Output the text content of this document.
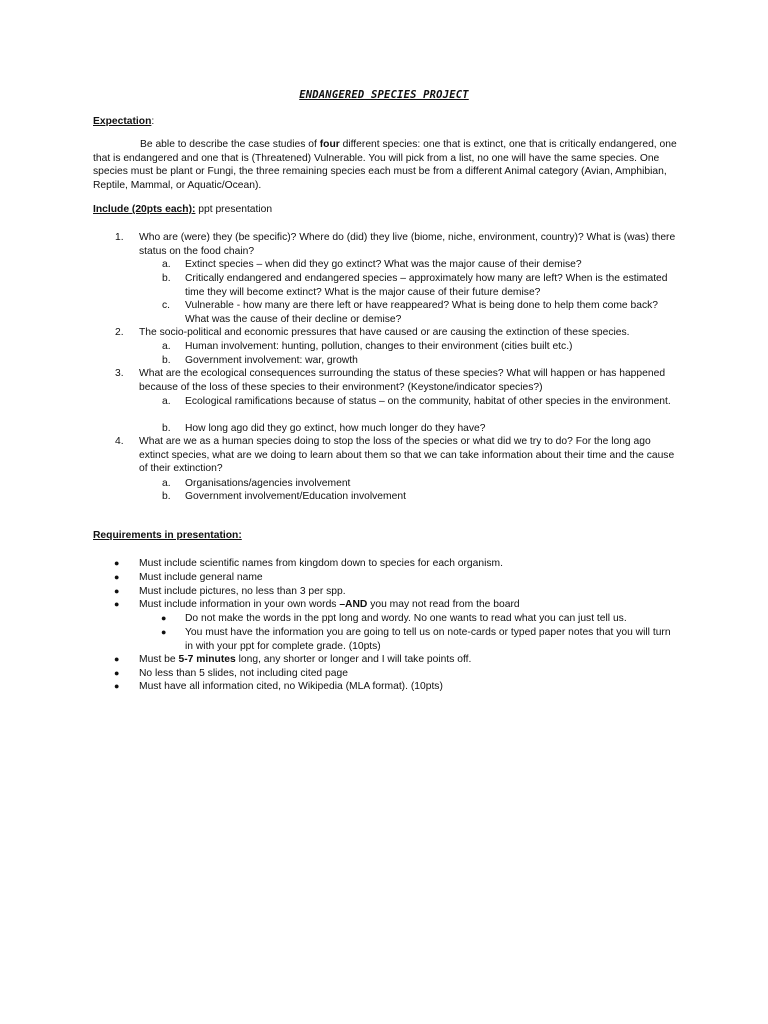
ENDANGERED SPECIES PROJECT
Expectation:
Be able to describe the case studies of four different species: one that is extinct, one that is critically endangered, one that is endangered and one that is (Threatened) Vulnerable. You will pick from a list, no one will have the same species. One species must be plant or Fungi, the three remaining species each must be from a different Animal category (Avian, Amphibian, Reptile, Mammal, or Aquatic/Ocean).
Include (20pts each): ppt presentation
1. Who are (were) they (be specific)? Where do (did) they live (biome, niche, environment, country)? What is (was) there status on the food chain?
a. Extinct species – when did they go extinct? What was the major cause of their demise?
b. Critically endangered and endangered species – approximately how many are left? When is the estimated time they will become extinct? What is the major cause of their future demise?
c. Vulnerable - how many are there left or have reappeared? What is being done to help them come back? What was the cause of their decline or demise?
2. The socio-political and economic pressures that have caused or are causing the extinction of these species.
a. Human involvement: hunting, pollution, changes to their environment (cities built etc.)
b. Government involvement: war, growth
3. What are the ecological consequences surrounding the status of these species? What will happen or has happened because of the loss of these species to their environment? (Keystone/indicator species?)
a. Ecological ramifications because of status – on the community, habitat of other species in the environment.
b. How long ago did they go extinct, how much longer do they have?
4. What are we as a human species doing to stop the loss of the species or what did we try to do? For the long ago extinct species, what are we doing to learn about them so that we can take information about their time and the cause of their extinction?
a. Organisations/agencies involvement
b. Government involvement/Education involvement
Requirements in presentation:
● Must include scientific names from kingdom down to species for each organism.
● Must include general name
● Must include pictures, no less than 3 per spp.
● Must include information in your own words –AND you may not read from the board
● Do not make the words in the ppt long and wordy. No one wants to read what you can just tell us.
● You must have the information you are going to tell us on note-cards or typed paper notes that you will turn in with your ppt for complete grade. (10pts)
● Must be 5-7 minutes long, any shorter or longer and I will take points off.
● No less than 5 slides, not including cited page
● Must have all information cited, no Wikipedia (MLA format). (10pts)
